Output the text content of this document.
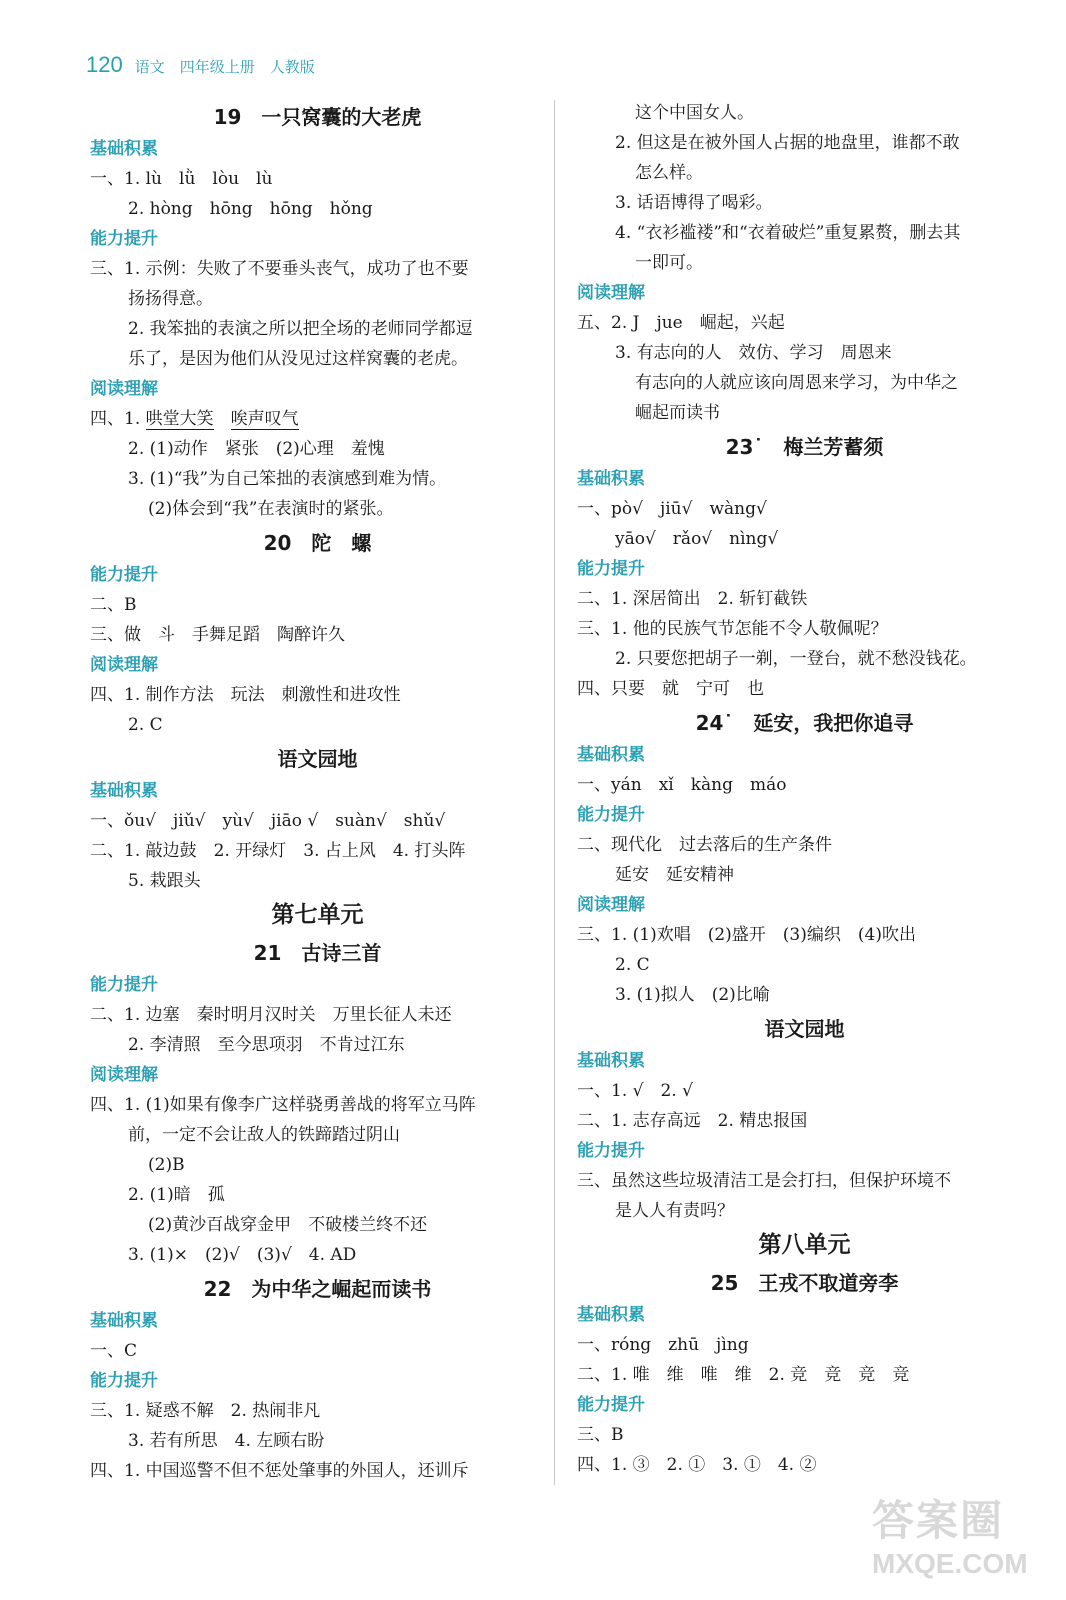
120 语文　四年级上册　人教版
19　一只窝囊的大老虎
基础积累
一、1. lù　lǜ　lòu　lù
2. hòng　hōng　hōng　hǒng
能力提升
三、1. 示例：失败了不要垂头丧气，成功了也不要
扬扬得意。
2. 我笨拙的表演之所以把全场的老师同学都逗
乐了，是因为他们从没见过这样窝囊的老虎。
阅读理解
四、1. 哄堂大笑　 唉声叹气
2. (1)动作　紧张　(2)心理　羞愧
3. (1)“我”为自己笨拙的表演感到难为情。
(2)体会到“我”在表演时的紧张。
20　陀　螺
能力提升
二、B
三、做　斗　手舞足蹈　陶醉许久
阅读理解
四、1. 制作方法　玩法　刺激性和进攻性
2. C
语文园地
基础积累
一、ǒu√　jiǔ√　yù√　jiāo √　suàn√　shǔ√
二、1. 敲边鼓　2. 开绿灯　3. 占上风　4. 打头阵
5. 栽跟头
第七单元
21　古诗三首
能力提升
二、1. 边塞　秦时明月汉时关　万里长征人未还
2. 李清照　至今思项羽　不肯过江东
阅读理解
四、1. (1)如果有像李广这样骁勇善战的将军立马阵
前，一定不会让敌人的铁蹄踏过阴山
(2)B
2. (1)暗　孤
(2)黄沙百战穿金甲　不破楼兰终不还
3. (1)×　(2)√　(3)√　4. AD
22　为中华之崛起而读书
基础积累
一、C
能力提升
三、1. 疑惑不解　2. 热闹非凡
3. 若有所思　4. 左顾右盼
四、1. 中国巡警不但不惩处肇事的外国人，还训斥
这个中国女人。
2. 但这是在被外国人占据的地盘里，谁都不敢
怎么样。
3. 话语博得了喝彩。
4. “衣衫褴褛”和“衣着破烂”重复累赘，删去其
一即可。
阅读理解
五、2. J　jue　崛起，兴起
3. 有志向的人　效仿、学习　周恩来
有志向的人就应该向周恩来学习，为中华之
崛起而读书
23˙　梅兰芳蓄须
基础积累
一、pò√　jiū√　wàng√
yāo√　rǎo√　nìng√
能力提升
二、1. 深居简出　2. 斩钉截铁
三、1. 他的民族气节怎能不令人敬佩呢？
2. 只要您把胡子一剃，一登台，就不愁没钱花。
四、只要　就　宁可　也
24˙　延安，我把你追寻
基础积累
一、yán　xǐ　kàng　máo
能力提升
二、现代化　过去落后的生产条件
延安　延安精神
阅读理解
三、1. (1)欢唱　(2)盛开　(3)编织　(4)吹出
2. C
3. (1)拟人　(2)比喻
语文园地
基础积累
一、1. √　2. √
二、1. 志存高远　2. 精忠报国
能力提升
三、虽然这些垃圾清洁工是会打扫，但保护环境不
是人人有责吗？
第八单元
25　王戎不取道旁李
基础积累
一、róng　zhū　jìng
二、1. 唯　维　唯　维　2. 竞　竞　竞　竞
能力提升
三、B
四、1. ③　2. ①　3. ①　4. ②
答案圈
MXQE.COM
